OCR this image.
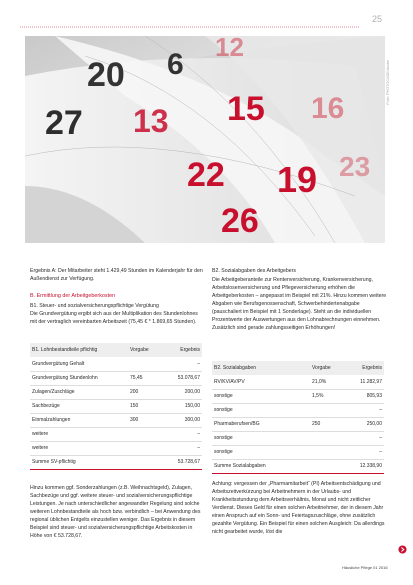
25
20 6
27 13
12
15
19
22
26
16
23
Foto: PHOTOCASE/Andre
Ergebnis A: Der Mitarbeiter steht 1.429,49 Stunden im Kalenderjahr für den Außendienst zur Verfügung.
B. Ermittlung der Arbeitgeberkosten
B1. Steuer- und sozialversicherungspflichtige Vergütung
Die Grundvergütung ergibt sich aus der Multiplikation des Stundenlohnes mit der vertraglich vereinbarten Arbeitszeit (75,45 € * 1.869,65 Stunden).
B1. Lohnbestandteile pflichtig	Vorgabe	Ergebnis
Grundvergütung Gehalt		–
Grundvergütung Stundenlohn	75,45	53.078,67
Zulagen/Zuschläge	200	200,00
Sachbezüge	150	150,00
Einmalzahlungen	300	300,00
weitere		–
weitere		–
Summe SV-pflichtig		53.728,67
Hinzu kommen ggf. Sonderzahlungen (z.B. Weihnachtsgeld), Zulagen, Sachbezüge und ggf. weitere steuer- und sozialversicherungspflichtige Leistungen. Je nach unterschiedlicher angewandter Regelung sind solche weiteren Lohnbestandteile als hoch bzw. verbindlich – bei Anwendung des regional üblichen Entgelts einzustellen weniger. Das Ergebnis in diesem Beispiel sind steuer- und sozialversicherungspflichtige Arbeitskosten in Höhe von € 53.728,67.
B2. Sozialabgaben des Arbeitgebers
Die Arbeitgeberanteile zur Rentenversicherung, Krankenversicherung, Arbeitslosenversicherung und Pflegeversicherung erhöhen die Arbeitgeberkosten – angepasst im Beispiel mit 21%. Hinzu kommen weitere Abgaben wie Berufsgenossenschaft, Schwerbehindertenabgabe (pauschaliert im Beispiel mit 1 Sonderlage). Steht an die individuellen Prozentwerte der Auswertungen aus den Lohnabrechnungen einnehmen. Zusätzlich sind gerade zahlungsseitigen Erhöhungen!
B2. Sozialabgaben	Vorgabe	Ergebnis
RV/KV/AV/PV	21,0%	11.282,97
sonstige	1,5%	805,93
sonstige		–
Pharmaberufsen/BG	250	250,00
sonstige		–
sonstige		–
Summe Sozialabgaben		12.338,90
Achtung: vergessen der „Pharmamitarbeit“ (PI) Arbeitsentschädigung und Arbeitszeitverkürzung bei Arbeitnehmern in der Urlaubs- und Krankheitsstundung dem Arbeitsverhältnis, Monat und nicht zeitlicher Verdienst. Dieses Geld für einen solchen Arbeitnehmer, der in diesem Jahr einen Anspruch auf ein Sonn- und Feiertagszuschläge, ohne zusätzlich gezahlte Vergütung. Ein Beispiel für einen solchen Ausgleich: Da allerdings nicht gearbeitet wurde, löst die
Häusliche Pflege 01 2016
